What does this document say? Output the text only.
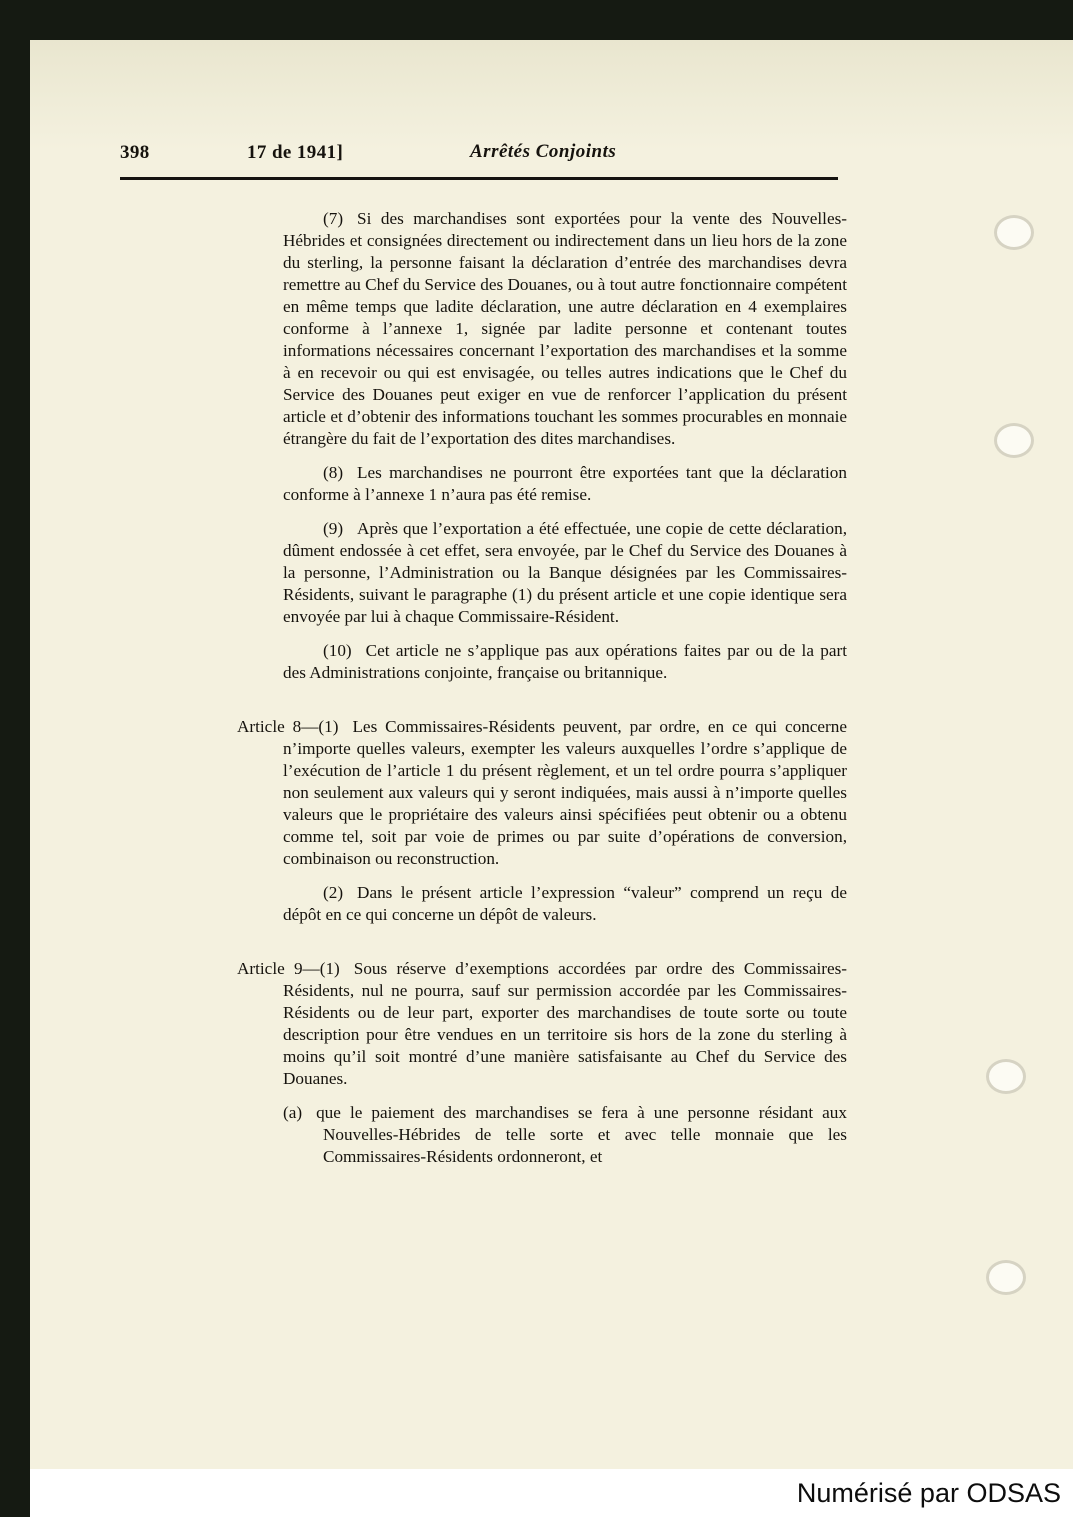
398	17 de 1941]	Arrêtés Conjoints

(7) Si des marchandises sont exportées pour la vente des Nouvelles-Hébrides et consignées directement ou indirectement dans un lieu hors de la zone du sterling, la personne faisant la déclaration d’entrée des marchandises devra remettre au Chef du Service des Douanes, ou à tout autre fonctionnaire compétent en même temps que ladite déclaration, une autre déclaration en 4 exemplaires conforme à l’annexe 1, signée par ladite personne et contenant toutes informations nécessaires concernant l’exportation des marchandises et la somme à en recevoir ou qui est envisagée, ou telles autres indications que le Chef du Service des Douanes peut exiger en vue de renforcer l’application du présent article et d’obtenir des informations touchant les sommes procurables en monnaie étrangère du fait de l’exportation des dites marchandises.

(8) Les marchandises ne pourront être exportées tant que la déclaration conforme à l’annexe 1 n’aura pas été remise.

(9) Après que l’exportation a été effectuée, une copie de cette déclaration, dûment endossée à cet effet, sera envoyée, par le Chef du Service des Douanes à la personne, l’Administration ou la Banque désignées par les Commissaires-Résidents, suivant le paragraphe (1) du présent article et une copie identique sera envoyée par lui à chaque Commissaire-Résident.

(10) Cet article ne s’applique pas aux opérations faites par ou de la part des Administrations conjointe, française ou britannique.

Article 8—(1) Les Commissaires-Résidents peuvent, par ordre, en ce qui concerne n’importe quelles valeurs, exempter les valeurs auxquelles l’ordre s’applique de l’exécution de l’article 1 du présent règlement, et un tel ordre pourra s’appliquer non seulement aux valeurs qui y seront indiquées, mais aussi à n’importe quelles valeurs que le propriétaire des valeurs ainsi spécifiées peut obtenir ou a obtenu comme tel, soit par voie de primes ou par suite d’opérations de conversion, combinaison ou reconstruction.

(2) Dans le présent article l’expression “valeur” comprend un reçu de dépôt en ce qui concerne un dépôt de valeurs.

Article 9—(1) Sous réserve d’exemptions accordées par ordre des Commissaires-Résidents, nul ne pourra, sauf sur permission accordée par les Commissaires-Résidents ou de leur part, exporter des marchandises de toute sorte ou toute description pour être vendues en un territoire sis hors de la zone du sterling à moins qu’il soit montré d’une manière satisfaisante au Chef du Service des Douanes.

(a) que le paiement des marchandises se fera à une personne résidant aux Nouvelles-Hébrides de telle sorte et avec telle monnaie que les Commissaires-Résidents ordonneront, et

Numérisé par ODSAS
